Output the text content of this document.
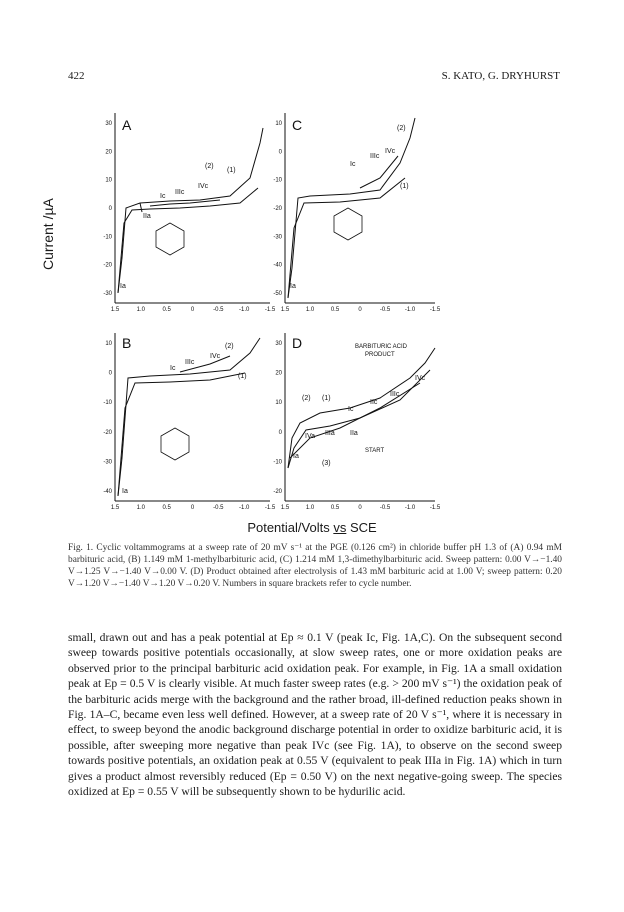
422	S. KATO, G. DRYHURST
Current /µA
A	C
B	D
30
20
10
0
-10
-20
-30
1.5	1.0	0.5	0	-0.5	-1.0	-1.5
10
0
-10
-20
-30
-40
-50
1.5	1.0	0.5	0	-0.5 -1.0 -1.5
10
0
-10
-20
-30
-40
1.5	1.0	0.5	0	-0.5	-1.0	-1.5
30
20
10
0
-10
-20
1.5	1.0	0.5	0	-0.5 -1.0 -1.5
Ia
IIa
IIIc
IVc
Ic
(2)
(1)
Ia
IIIc
IVc
Ic
(2)
(1)
Ia
IIIc
IVc
Ic
(2)
(1)
BARBITURIC ACID
PRODUCT
IVc
IIIc
IIc
Ic
IVa IIIa IIa
Ia
START
(2) (1)
(3)
Potential/Volts vs SCE
Fig. 1. Cyclic voltammograms at a sweep rate of 20 mV s⁻¹ at the PGE (0.126 cm²) in chloride buffer pH 1.3 of (A) 0.94 mM barbituric acid, (B) 1.149 mM 1-methylbarbituric acid, (C) 1.214 mM 1,3-dimethylbarbituric acid. Sweep pattern: 0.00 V→−1.40 V→1.25 V→−1.40 V→0.00 V. (D) Product obtained after electrolysis of 1.43 mM barbituric acid at 1.00 V; sweep pattern: 0.20 V→1.20 V→−1.40 V→1.20 V→0.20 V. Numbers in square brackets refer to cycle number.

small, drawn out and has a peak potential at Ep ≈ 0.1 V (peak Ic, Fig. 1A,C). On the subsequent second sweep towards positive potentials occasionally, at slow sweep rates, one or more oxidation peaks are observed prior to the principal barbituric acid oxidation peak. For example, in Fig. 1A a small oxidation peak at Ep = 0.5 V is clearly visible. At much faster sweep rates (e.g. > 200 mV s⁻¹) the oxidation peak of the barbituric acids merge with the background and the rather broad, ill-defined reduction peaks shown in Fig. 1A–C, became even less well defined. However, at a sweep rate of 20 V s⁻¹, where it is necessary in effect, to sweep beyond the anodic background discharge potential in order to oxidize barbituric acid, it is possible, after sweeping more negative than peak IVc (see Fig. 1A), to observe on the second sweep towards positive potentials, an oxidation peak at 0.55 V (equivalent to peak IIIa in Fig. 1A) which in turn gives a product almost reversibly reduced (Ep = 0.50 V) on the next negative-going sweep. The species oxidized at Ep = 0.55 V will be subsequently shown to be hydurilic acid.
